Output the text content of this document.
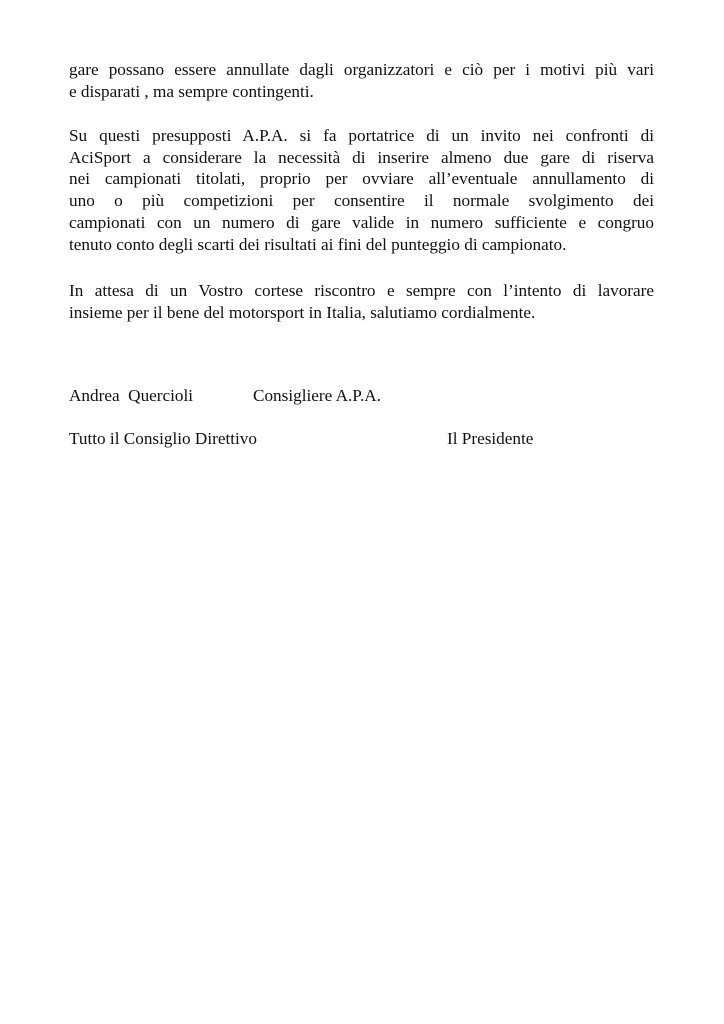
gare possano essere annullate dagli organizzatori e ciò per i motivi più vari
e disparati , ma sempre contingenti.
Su questi presupposti A.P.A. si fa portatrice di un invito nei confronti di
AciSport a considerare la necessità di inserire almeno due gare di riserva
nei campionati titolati, proprio per ovviare all’eventuale annullamento di
uno o più competizioni per consentire il normale svolgimento dei
campionati con un numero di gare valide in numero sufficiente e congruo
tenuto conto degli scarti dei risultati ai fini del punteggio di campionato.
In attesa di un Vostro cortese riscontro e sempre con l’intento di lavorare
insieme per il bene del motorsport in Italia, salutiamo cordialmente.
Andrea  Quercioli	Consigliere A.P.A.
Tutto il Consiglio Direttivo	Il Presidente
